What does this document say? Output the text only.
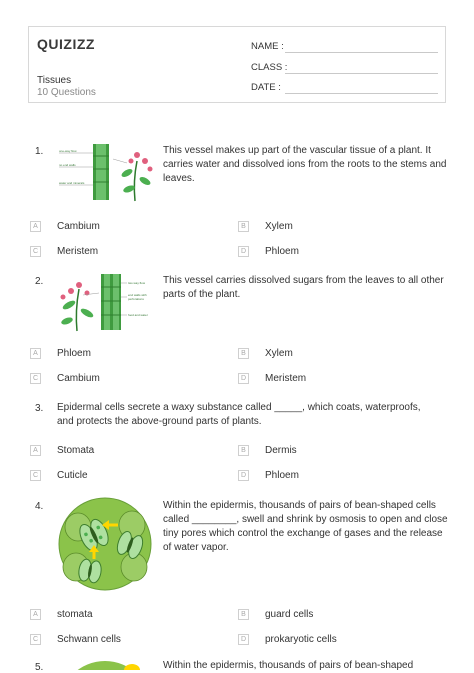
QUIZIZZ
Tissues
10 Questions
NAME :
CLASS :
DATE :
1.	one-way flow
no end walls
water and minerals
This vessel makes up part of the vascular tissue of a plant. It carries water and dissolved ions from the roots to the stems and leaves.
A	Cambium	B	Xylem
C Meristem	D Phloem
2.	two way flow
end walls with
perforations
food and water
This vessel carries dissolved sugars from the leaves to all other parts of the plant.
A	Phloem	B	Xylem
C Cambium	D Meristem
3. Epidermal cells secrete a waxy substance called _____, which coats, waterproofs, and protects the above-ground parts of plants.
A	Stomata	B	Dermis
C Cuticle	D Phloem
4.	Within the epidermis, thousands of pairs of bean-shaped cells called ________, swell and shrink by osmosis to open and close tiny pores which control the exchange of gases and the release of water vapor.
A	stomata	B	guard cells
C Schwann cells	D prokaryotic cells
5.	Within the epidermis, thousands of pairs of bean-shaped
